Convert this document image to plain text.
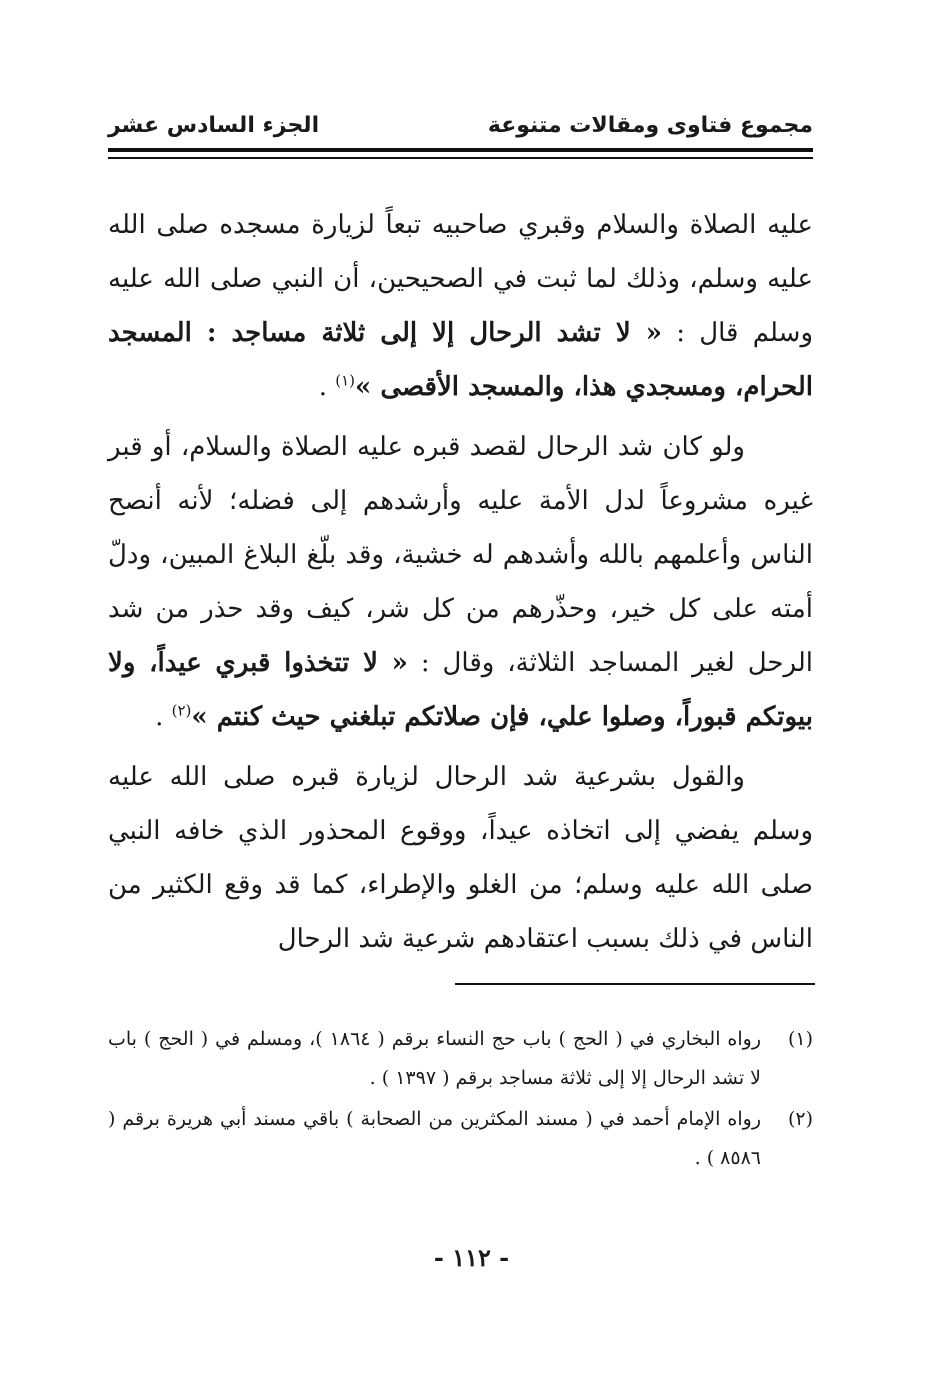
مجموع فتاوى ومقالات متنوعة
الجزء السادس عشر

عليه الصلاة والسلام وقبري صاحبيه تبعاً لزيارة مسجده صلى الله عليه وسلم، وذلك لما ثبت في الصحيحين، أن النبي صلى الله عليه وسلم قال : « لا تشد الرحال إلا إلى ثلاثة مساجد : المسجد الحرام، ومسجدي هذا، والمسجد الأقصى »$^{(١)}$ .

ولو كان شد الرحال لقصد قبره عليه الصلاة والسلام، أو قبر غيره مشروعاً لدل الأمة عليه وأرشدهم إلى فضله؛ لأنه أنصح الناس وأعلمهم بالله وأشدهم له خشية، وقد بلّغ البلاغ المبين، ودلّ أمته على كل خير، وحذّرهم من كل شر، كيف وقد حذر من شد الرحل لغير المساجد الثلاثة، وقال : « لا تتخذوا قبري عيداً، ولا بيوتكم قبوراً، وصلوا علي، فإن صلاتكم تبلغني حيث كنتم »$^{(٢)}$ .

والقول بشرعية شد الرحال لزيارة قبره صلى الله عليه وسلم يفضي إلى اتخاذه عيداً، ووقوع المحذور الذي خافه النبي صلى الله عليه وسلم؛ من الغلو والإطراء، كما قد وقع الكثير من الناس في ذلك بسبب اعتقادهم شرعية شد الرحال

(١)
رواه البخاري في ( الحج ) باب حج النساء برقم ( ١٨٦٤ )، ومسلم في ( الحج ) باب لا تشد الرحال إلا إلى ثلاثة مساجد برقم ( ١٣٩٧ ) .
(٢)
رواه الإمام أحمد في ( مسند المكثرين من الصحابة ) باقي مسند أبي هريرة برقم ( ٨٥٨٦ ) .
- ١١٢ -
